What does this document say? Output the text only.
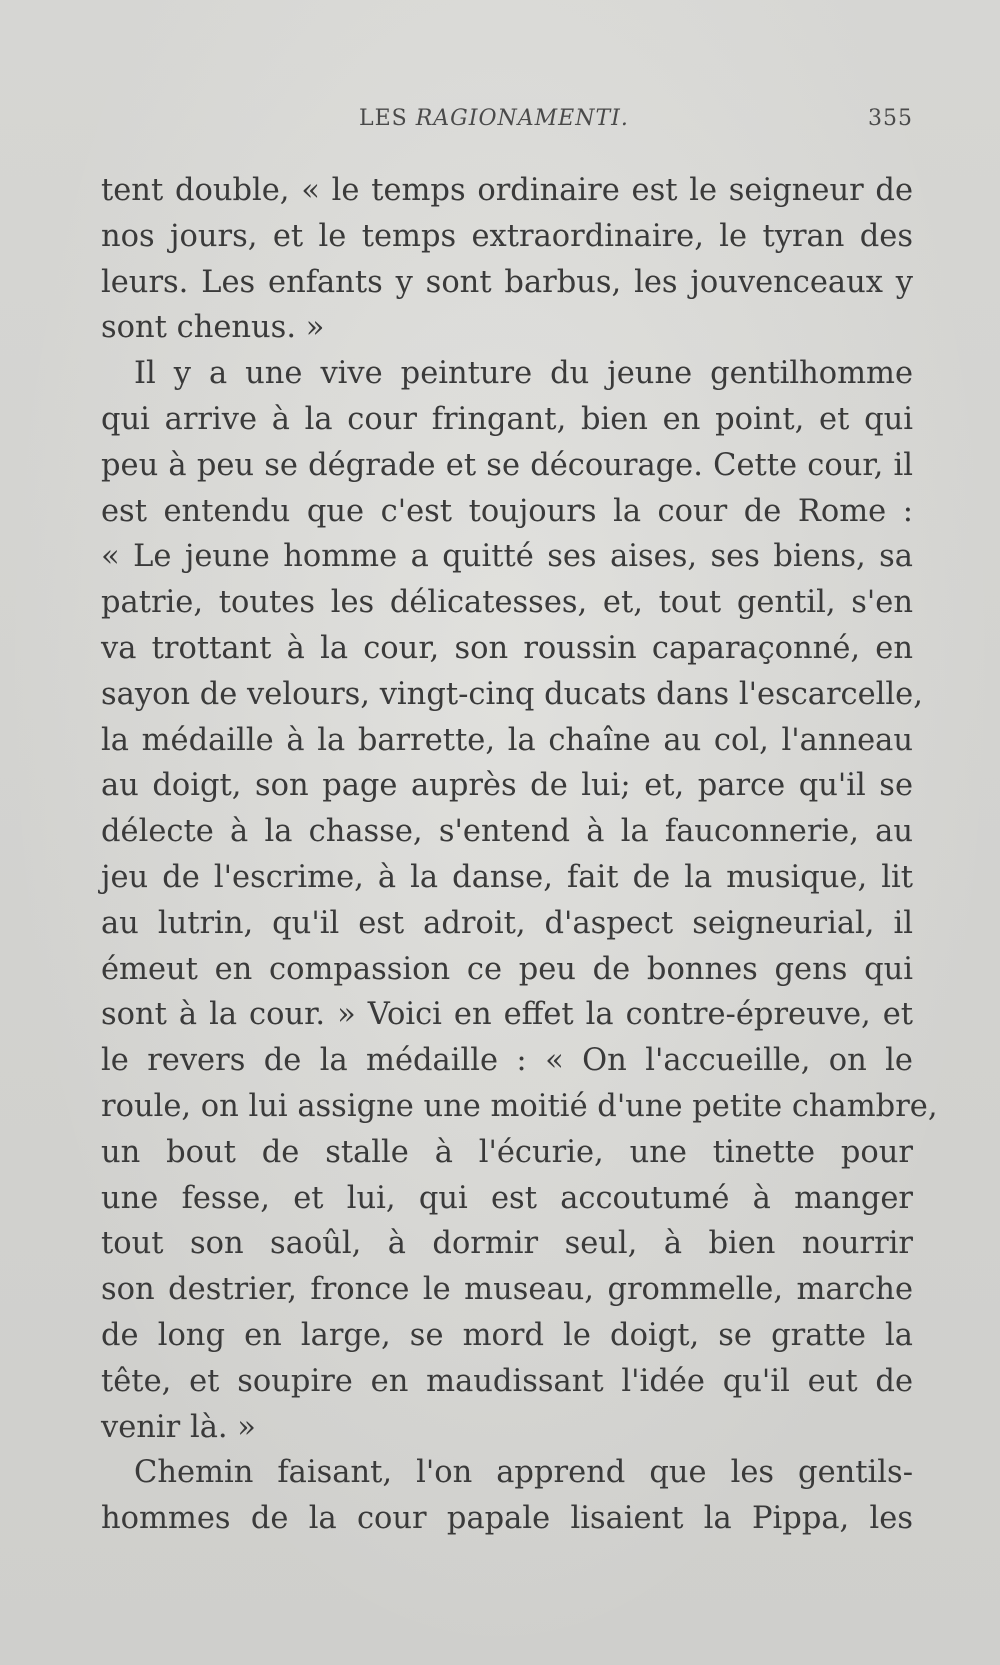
LES RAGIONAMENTI.	355
tent double, « le temps ordinaire est le seigneur de
nos jours, et le temps extraordinaire, le tyran des
leurs. Les enfants y sont barbus, les jouvenceaux y
sont chenus. »
Il y a une vive peinture du jeune gentilhomme
qui arrive à la cour fringant, bien en point, et qui
peu à peu se dégrade et se décourage. Cette cour, il
est entendu que c'est toujours la cour de Rome :
« Le jeune homme a quitté ses aises, ses biens, sa
patrie, toutes les délicatesses, et, tout gentil, s'en
va trottant à la cour, son roussin caparaçonné, en
sayon de velours, vingt-cinq ducats dans l'escarcelle,
la médaille à la barrette, la chaîne au col, l'anneau
au doigt, son page auprès de lui; et, parce qu'il se
délecte à la chasse, s'entend à la fauconnerie, au
jeu de l'escrime, à la danse, fait de la musique, lit
au lutrin, qu'il est adroit, d'aspect seigneurial, il
émeut en compassion ce peu de bonnes gens qui
sont à la cour. » Voici en effet la contre-épreuve, et
le revers de la médaille : « On l'accueille, on le
roule, on lui assigne une moitié d'une petite chambre,
un bout de stalle à l'écurie, une tinette pour
une fesse, et lui, qui est accoutumé à manger
tout son saoûl, à dormir seul, à bien nourrir
son destrier, fronce le museau, grommelle, marche
de long en large, se mord le doigt, se gratte la
tête, et soupire en maudissant l'idée qu'il eut de
venir là. »
Chemin faisant, l'on apprend que les gentils-
hommes de la cour papale lisaient la Pippa, les
